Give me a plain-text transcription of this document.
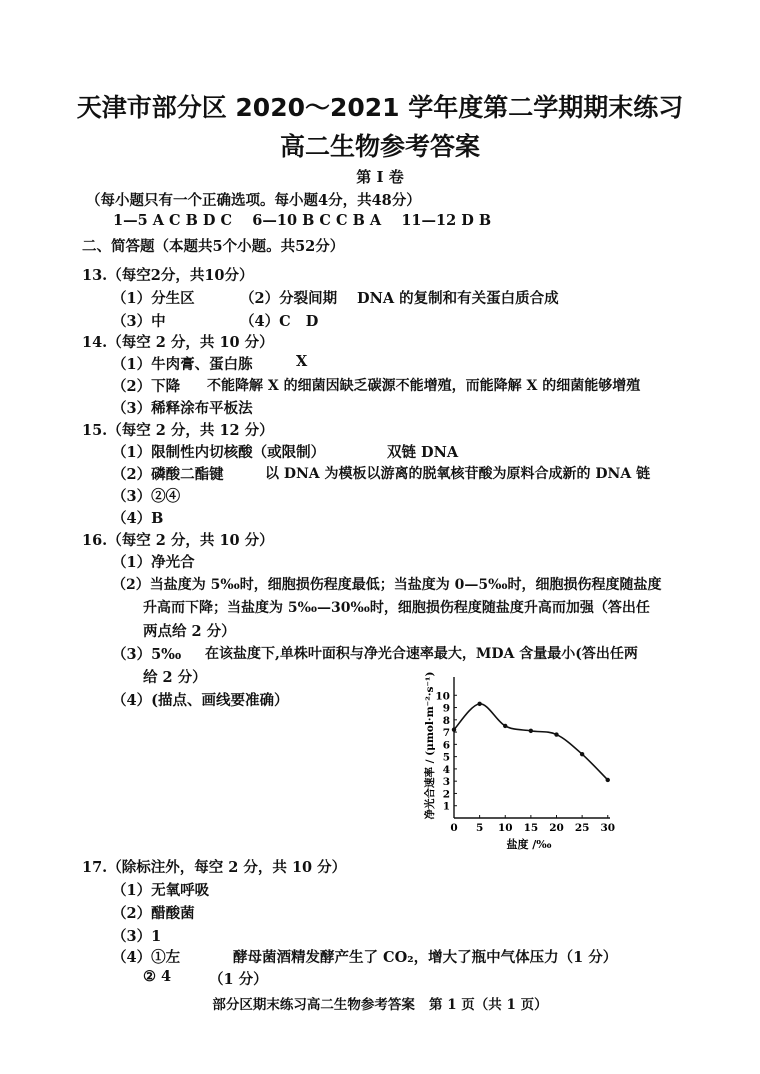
天津市部分区 2020～2021 学年度第二学期期末练习
高二生物参考答案
第 Ⅰ 卷
（每小题只有一个正确选项。每小题4分，共48分）
1—5 A C B D C    6—10 B C C B A    11—12 D B
二、简答题（本题共5个小题。共52分）
13.（每空2分，共10分）
（1）分生区	（2）分裂间期 DNA 的复制和有关蛋白质合成
（3）中	（4）C   D
14.（每空 2 分，共 10 分）
（1）牛肉膏、蛋白胨	X
（2）下降 不能降解 X 的细菌因缺乏碳源不能增殖，而能降解 X 的细菌能够增殖
（3）稀释涂布平板法
15.（每空 2 分，共 12 分）
（1）限制性内切核酸（或限制）	双链 DNA
（2）磷酸二酯键	以 DNA 为模板以游离的脱氧核苷酸为原料合成新的 DNA 链
（3）②④
（4）B
16.（每空 2 分，共 10 分）
（1）净光合
（2）当盐度为 5‰时，细胞损伤程度最低；当盐度为 0—5‰时，细胞损伤程度随盐度
升高而下降；当盐度为 5‰—30‰时，细胞损伤程度随盐度升高而加强（答出任
两点给 2 分）
（3）5‰ 在该盐度下,单株叶面积与净光合速率最大，MDA 含量最小(答出任两
给 2 分）
（4）(描点、画线要准确）
1
2
3
4
5
6
7
8
9
10
0 5 10 15 20 25 30
净光合速率 / (μmol·m⁻²·s⁻¹)
盐度 /‰
17.（除标注外，每空 2 分，共 10 分）
（1）无氧呼吸
（2）醋酸菌
（3）1
（4）①左	酵母菌酒精发酵产生了 CO₂，增大了瓶中气体压力（1 分）
② 4	（1 分）
部分区期末练习高二生物参考答案   第 1 页（共 1 页）
